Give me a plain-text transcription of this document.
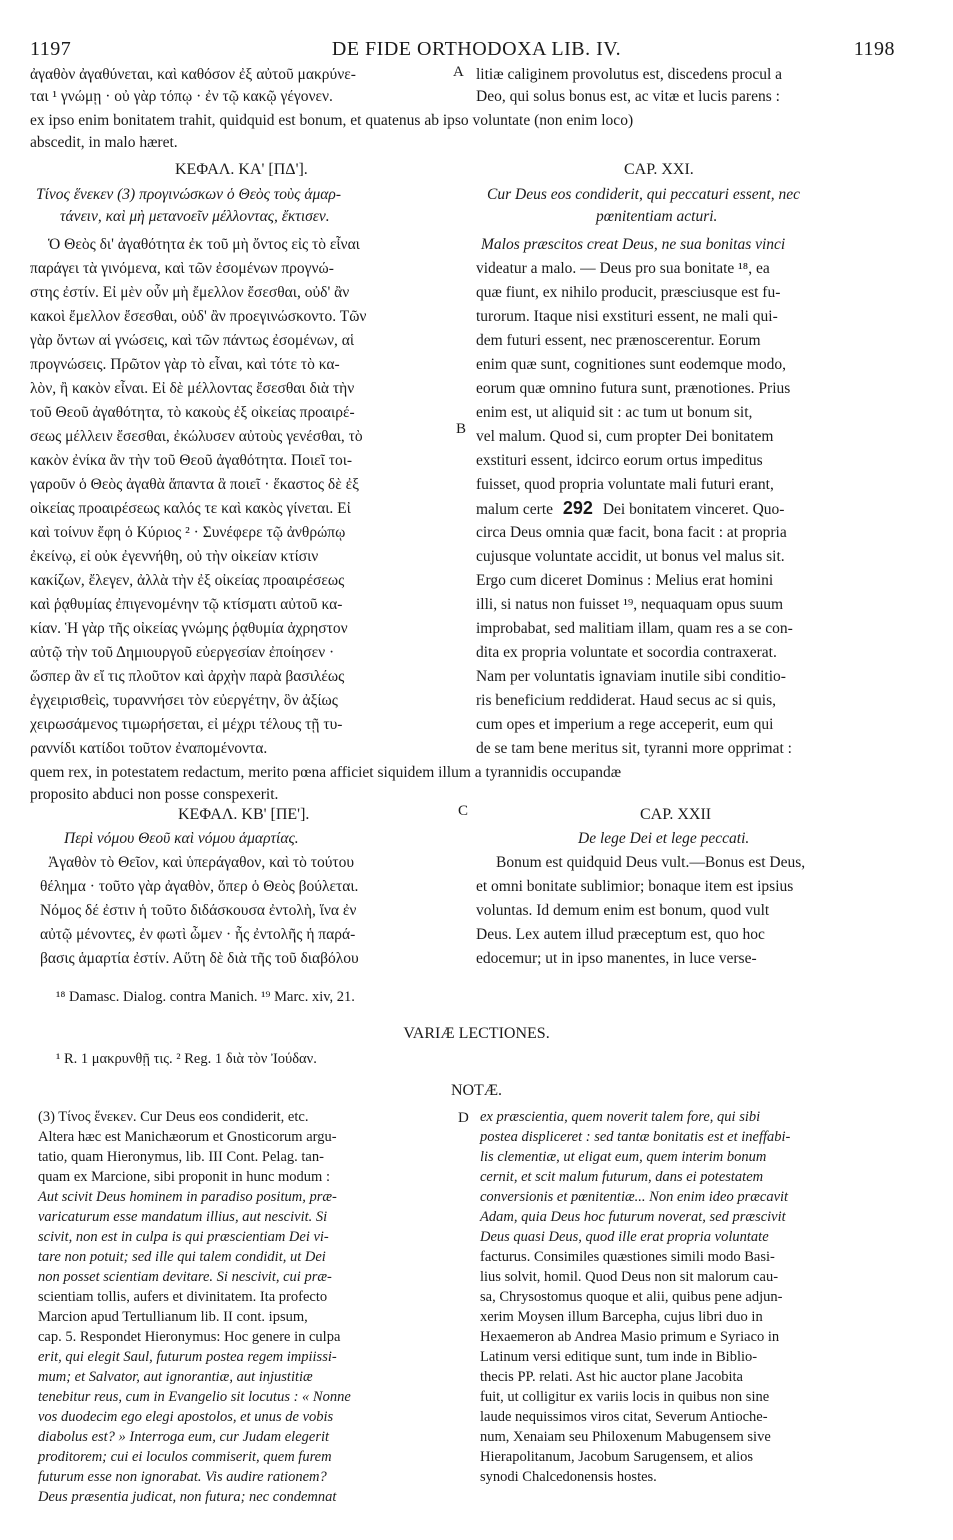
1197	DE FIDE ORTHODOXA LIB. IV.	1198
A
B
C
D
ἀγαθὸν ἀγαθύνεται, καὶ καθόσον ἐξ αὐτοῦ μακρύνε-
ται ¹ γνώμῃ · οὐ γὰρ τόπῳ · ἐν τῷ κακῷ γέγονεν.
litiæ caliginem provolutus est, discedens procul a
Deo, qui solus bonus est, ac vitæ et lucis parens :
ex ipso enim bonitatem trahit, quidquid est bonum, et quatenus ab ipso voluntate (non enim loco)
abscedit, in malo hæret.
ΚΕΦΑΛ. ΚΑ' [ΠΔ'].	CAP. XXI.
Τίνος ἕνεκεν (3) προγινώσκων ὁ Θεὸς τοὺς ἁμαρ-
τάνειν, καὶ μὴ μετανοεῖν μέλλοντας, ἔκτισεν.
Cur Deus eos condiderit, qui peccaturi essent, nec
pœnitentiam acturi.
Ὁ Θεὸς δι' ἀγαθότητα ἐκ τοῦ μὴ ὄντος εἰς τὸ εἶναι
παράγει τὰ γινόμενα, καὶ τῶν ἐσομένων προγνώ-
στης ἐστίν. Εἰ μὲν οὖν μὴ ἔμελλον ἔσεσθαι, οὐδ' ἂν
κακοὶ ἔμελλον ἔσεσθαι, οὐδ' ἂν προεγινώσκοντο. Τῶν
γὰρ ὄντων αἱ γνώσεις, καὶ τῶν πάντως ἐσομένων, αἱ
προγνώσεις. Πρῶτον γὰρ τὸ εἶναι, καὶ τότε τὸ κα-
λὸν, ἢ κακὸν εἶναι. Εἰ δὲ μέλλοντας ἔσεσθαι διὰ τὴν
τοῦ Θεοῦ ἀγαθότητα, τὸ κακοὺς ἐξ οἰκείας προαιρέ-
σεως μέλλειν ἔσεσθαι, ἐκώλυσεν αὐτοὺς γενέσθαι, τὸ
κακὸν ἐνίκα ἂν τὴν τοῦ Θεοῦ ἀγαθότητα. Ποιεῖ τοι-
γαροῦν ὁ Θεὸς ἀγαθὰ ἅπαντα ἃ ποιεῖ · ἕκαστος δὲ ἐξ
οἰκείας προαιρέσεως καλός τε καὶ κακὸς γίνεται. Εἰ
καὶ τοίνυν ἔφη ὁ Κύριος ² · Συνέφερε τῷ ἀνθρώπῳ
ἐκείνῳ, εἰ οὐκ ἐγεννήθη, οὐ τὴν οἰκείαν κτίσιν
κακίζων, ἔλεγεν, ἀλλὰ τὴν ἐξ οἰκείας προαιρέσεως
καὶ ῥᾳθυμίας ἐπιγενομένην τῷ κτίσματι αὐτοῦ κα-
κίαν. Ἡ γὰρ τῆς οἰκείας γνώμης ῥᾳθυμία ἀχρηστον
αὐτῷ τὴν τοῦ Δημιουργοῦ εὐεργεσίαν ἐποίησεν ·
ὥσπερ ἂν εἴ τις πλοῦτον καὶ ἀρχὴν παρὰ βασιλέως
ἐγχειρισθεὶς, τυραννήσει τὸν εὐεργέτην, ὃν ἀξίως
χειρωσάμενος τιμωρήσεται, εἰ μέχρι τέλους τῇ τυ-
ραννίδι κατίδοι τοῦτον ἐναπομένοντα.
Malos præscitos creat Deus, ne sua bonitas vinci
videatur a malo. — Deus pro sua bonitate ¹⁸, ea
quæ fiunt, ex nihilo producit, præsciusque est fu-
turorum. Itaque nisi exstituri essent, ne mali qui-
dem futuri essent, nec prænoscerentur. Eorum
enim quæ sunt, cognitiones sunt eodemque modo,
eorum quæ omnino futura sunt, prænotiones. Prius
enim est, ut aliquid sit : ac tum ut bonum sit,
vel malum. Quod si, cum propter Dei bonitatem
exstituri essent, idcirco eorum ortus impeditus
fuisset, quod propria voluntate mali futuri erant,
malum certe 292 Dei bonitatem vinceret. Quo-
circa Deus omnia quæ facit, bona facit : at propria
cujusque voluntate accidit, ut bonus vel malus sit.
Ergo cum diceret Dominus : Melius erat homini
illi, si natus non fuisset ¹⁹, nequaquam opus suum
improbabat, sed malitiam illam, quam res a se con-
dita ex propria voluntate et socordia contraxerat.
Nam per voluntatis ignaviam inutile sibi conditio-
ris beneficium reddiderat. Haud secus ac si quis,
cum opes et imperium a rege acceperit, eum qui
de se tam bene meritus sit, tyranni more opprimat :
quem rex, in potestatem redactum, merito pœna afficiet siquidem illum a tyrannidis occupandæ
proposito abduci non posse conspexerit.
ΚΕΦΑΛ. ΚΒ' [ΠΕ'].	CAP. XXII
Περὶ νόμου Θεοῦ καὶ νόμου ἁμαρτίας.	De lege Dei et lege peccati.
Ἀγαθὸν τὸ Θεῖον, καὶ ὑπεράγαθον, καὶ τὸ τούτου
θέλημα · τοῦτο γὰρ ἀγαθὸν, ὅπερ ὁ Θεὸς βούλεται.
Νόμος δέ ἐστιν ἡ τοῦτο διδάσκουσα ἐντολὴ, ἵνα ἐν
αὐτῷ μένοντες, ἐν φωτὶ ὦμεν · ἧς ἐντολῆς ἡ παρά-
βασις ἁμαρτία ἐστίν. Αὕτη δὲ διὰ τῆς τοῦ διαβόλου
Bonum est quidquid Deus vult.—Bonus est Deus,
et omni bonitate sublimior; bonaque item est ipsius
voluntas. Id demum enim est bonum, quod vult
Deus. Lex autem illud præceptum est, quo hoc
edocemur; ut in ipso manentes, in luce verse-
¹⁸ Damasc. Dialog. contra Manich. ¹⁹ Marc. xiv, 21.
VARIÆ LECTIONES.
¹ R. 1 μακρυνθῇ τις. ² Reg. 1 διὰ τὸν Ἰούδαν.
NOTÆ.
(3) Τίνος ἕνεκεν. Cur Deus eos condiderit, etc.
Altera hæc est Manichæorum et Gnosticorum argu-
tatio, quam Hieronymus, lib. III Cont. Pelag. tan-
quam ex Marcione, sibi proponit in hunc modum :
Aut scivit Deus hominem in paradiso positum, præ-
varicaturum esse mandatum illius, aut nescivit. Si
scivit, non est in culpa is qui præscientiam Dei vi-
tare non potuit; sed ille qui talem condidit, ut Dei
non posset scientiam devitare. Si nescivit, cui præ-
scientiam tollis, aufers et divinitatem. Ita profecto
Marcion apud Tertullianum lib. II cont. ipsum,
cap. 5. Respondet Hieronymus: Hoc genere in culpa
erit, qui elegit Saul, futurum postea regem impiissi-
mum; et Salvator, aut ignorantiæ, aut injustitiæ
tenebitur reus, cum in Evangelio sit locutus : « Nonne
vos duodecim ego elegi apostolos, et unus de vobis
diabolus est? » Interroga eum, cur Judam elegerit
proditorem; cui ei loculos commiserit, quem furem
futurum esse non ignorabat. Vis audire rationem?
Deus præsentia judicat, non futura; nec condemnat
ex præscientia, quem noverit talem fore, qui sibi
postea displiceret : sed tantæ bonitatis est et ineffabi-
lis clementiæ, ut eligat eum, quem interim bonum
cernit, et scit malum futurum, dans ei potestatem
conversionis et pœnitentiæ... Non enim ideo præcavit
Adam, quia Deus hoc futurum noverat, sed præscivit
Deus quasi Deus, quod ille erat propria voluntate
facturus. Consimiles quæstiones simili modo Basi-
lius solvit, homil. Quod Deus non sit malorum cau-
sa, Chrysostomus quoque et alii, quibus pene adjun-
xerim Moysen illum Barcepha, cujus libri duo in
Hexaemeron ab Andrea Masio primum e Syriaco in
Latinum versi editique sunt, tum inde in Biblio-
thecis PP. relati. Ast hic auctor plane Jacobita
fuit, ut colligitur ex variis locis in quibus non sine
laude nequissimos viros citat, Severum Antioche-
num, Xenaiam seu Philoxenum Mabugensem sive
Hierapolitanum, Jacobum Sarugensem, et alios
synodi Chalcedonensis hostes.
